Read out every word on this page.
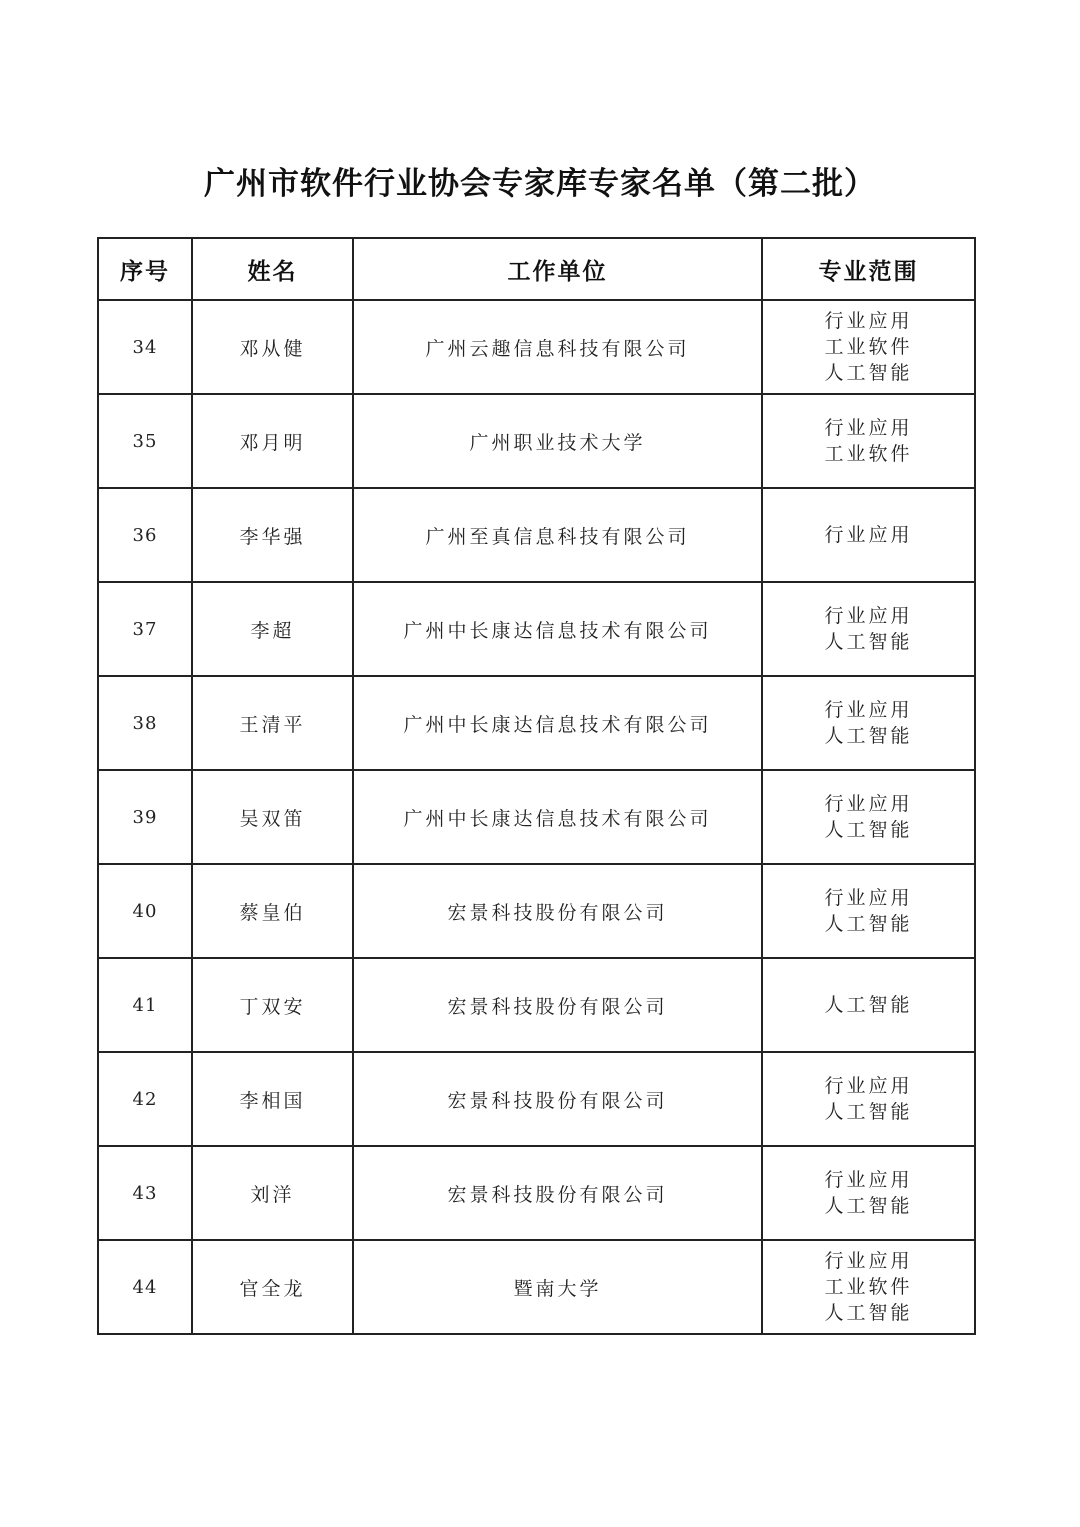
广州市软件行业协会专家库专家名单（第二批）
序号	姓名	工作单位	专业范围
34	邓从健	广州云趣信息科技有限公司	行业应用
工业软件
人工智能

35	邓月明	广州职业技术大学	行业应用
工业软件

36	李华强	广州至真信息科技有限公司	行业应用

37	李超	广州中长康达信息技术有限公司	行业应用
人工智能

38	王清平	广州中长康达信息技术有限公司	行业应用
人工智能

39	吴双笛	广州中长康达信息技术有限公司	行业应用
人工智能

40	蔡皇伯	宏景科技股份有限公司	行业应用
人工智能

41	丁双安	宏景科技股份有限公司	人工智能

42	李相国	宏景科技股份有限公司	行业应用
人工智能

43	刘洋	宏景科技股份有限公司	行业应用
人工智能

44	官全龙	暨南大学	行业应用
工业软件
人工智能
